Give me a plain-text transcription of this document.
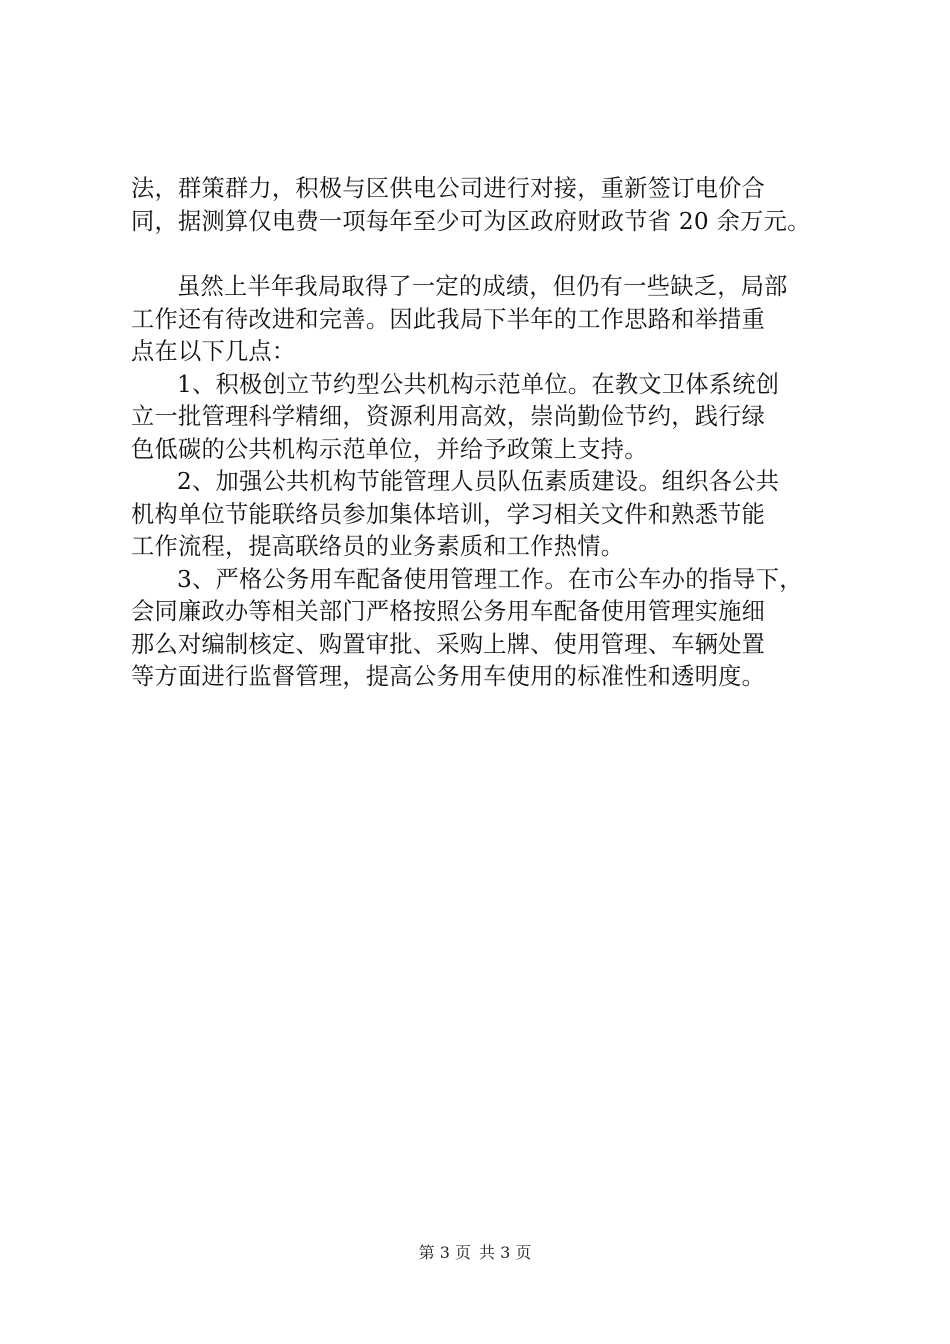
法，群策群力，积极与区供电公司进行对接，重新签订电价合
同，据测算仅电费一项每年至少可为区政府财政节省 20 余万元。
虽然上半年我局取得了一定的成绩，但仍有一些缺乏，局部
工作还有待改进和完善。因此我局下半年的工作思路和举措重
点在以下几点：
1、积极创立节约型公共机构示范单位。在教文卫体系统创
立一批管理科学精细，资源利用高效，崇尚勤俭节约，践行绿
色低碳的公共机构示范单位，并给予政策上支持。
2、加强公共机构节能管理人员队伍素质建设。组织各公共
机构单位节能联络员参加集体培训，学习相关文件和熟悉节能
工作流程，提高联络员的业务素质和工作热情。
3、严格公务用车配备使用管理工作。在市公车办的指导下，
会同廉政办等相关部门严格按照公务用车配备使用管理实施细
那么对编制核定、购置审批、采购上牌、使用管理、车辆处置
等方面进行监督管理，提高公务用车使用的标准性和透明度。
第 3 页 共 3 页
